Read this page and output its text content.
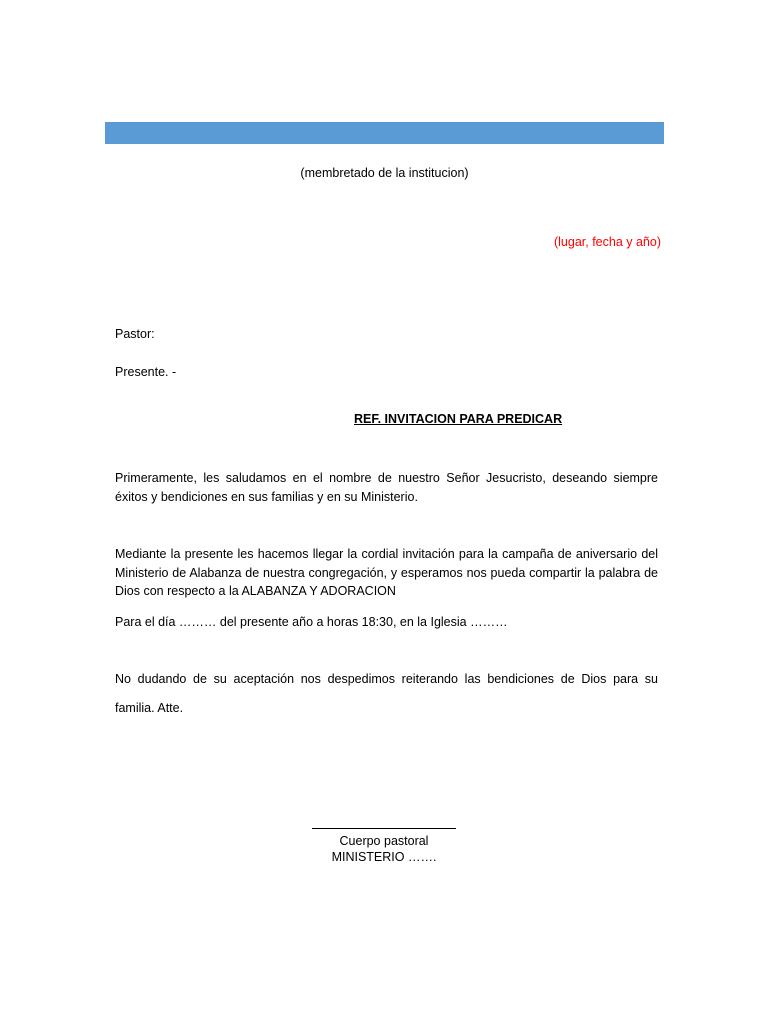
(membretado de la institucion)
(lugar, fecha y año)
Pastor:
Presente. -
REF. INVITACION PARA PREDICAR
Primeramente, les saludamos en el nombre de nuestro Señor Jesucristo, deseando siempre éxitos y bendiciones en sus familias y en su Ministerio.
Mediante la presente les hacemos llegar la cordial invitación para la campaña de aniversario del Ministerio de Alabanza de nuestra congregación, y esperamos nos pueda compartir la palabra de Dios con respecto a la ALABANZA Y ADORACION
Para el día ……… del presente año a horas 18:30, en la Iglesia ………
No dudando de su aceptación nos despedimos reiterando las bendiciones de Dios para su familia. Atte.
Cuerpo pastoral
MINISTERIO …….
